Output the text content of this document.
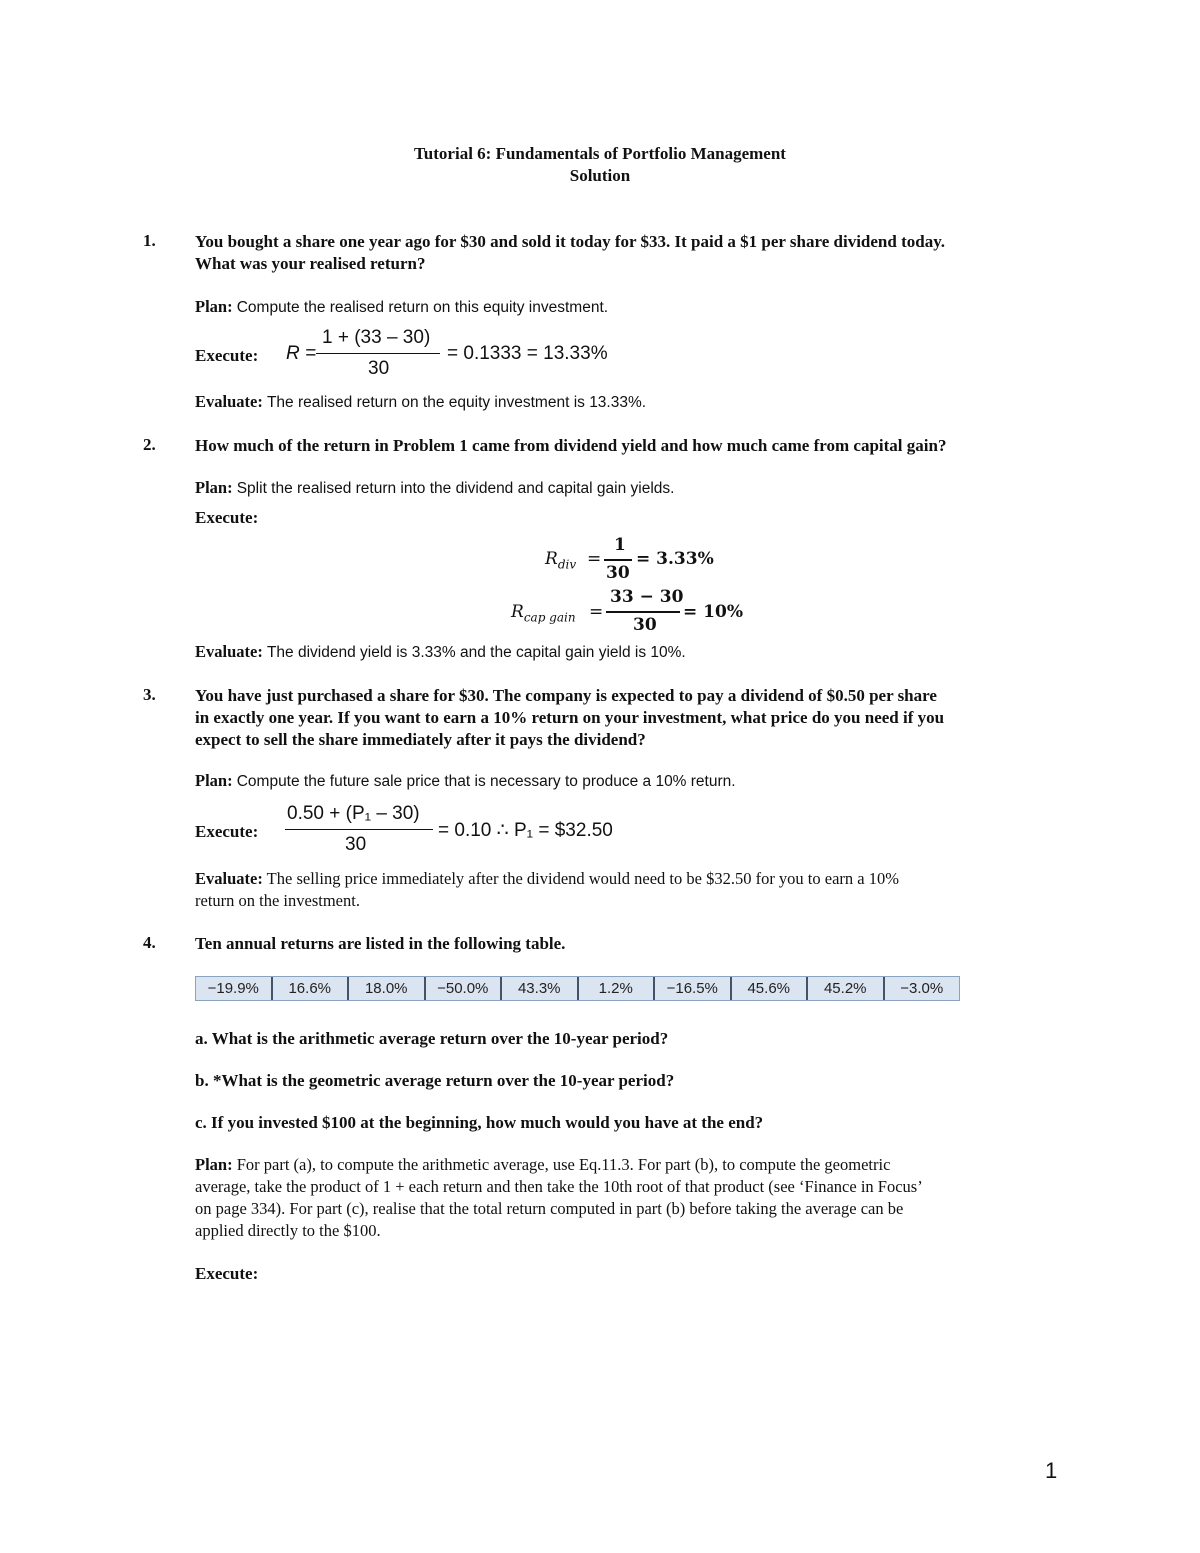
Tutorial 6: Fundamentals of Portfolio Management
Solution
1. You bought a share one year ago for $30 and sold it today for $33. It paid a $1 per share dividend today.
What was your realised return?
Plan: Compute the realised return on this equity investment.
Execute: R =
1 + (33 – 30)
30
= 0.1333 = 13.33%
Evaluate: The realised return on the equity investment is 13.33%.
2. How much of the return in Problem 1 came from dividend yield and how much came from capital gain?
Plan: Split the realised return into the dividend and capital gain yields.
Execute:
$R_{div}$ =
1
30
= 3.33%
$R_{cap gain}$ =
33 − 30
30
= 10%
Evaluate: The dividend yield is 3.33% and the capital gain yield is 10%.
3. You have just purchased a share for $30. The company is expected to pay a dividend of $0.50 per share
in exactly one year. If you want to earn a 10% return on your investment, what price do you need if you
expect to sell the share immediately after it pays the dividend?
Plan: Compute the future sale price that is necessary to produce a 10% return.
Execute:
0.50 + (P₁ – 30)
30
= 0.10 ∴ P₁ = $32.50
Evaluate: The selling price immediately after the dividend would need to be $32.50 for you to earn a 10%
return on the investment.
4. Ten annual returns are listed in the following table.
−19.9%	16.6%	18.0%	−50.0%	43.3%	1.2%	−16.5%	45.6%	45.2%	−3.0%
a. What is the arithmetic average return over the 10-year period?
b. *What is the geometric average return over the 10-year period?
c. If you invested $100 at the beginning, how much would you have at the end?
Plan: For part (a), to compute the arithmetic average, use Eq.11.3. For part (b), to compute the geometric
average, take the product of 1 + each return and then take the 10th root of that product (see ‘Finance in Focus’
on page 334). For part (c), realise that the total return computed in part (b) before taking the average can be
applied directly to the $100.
Execute:
1
